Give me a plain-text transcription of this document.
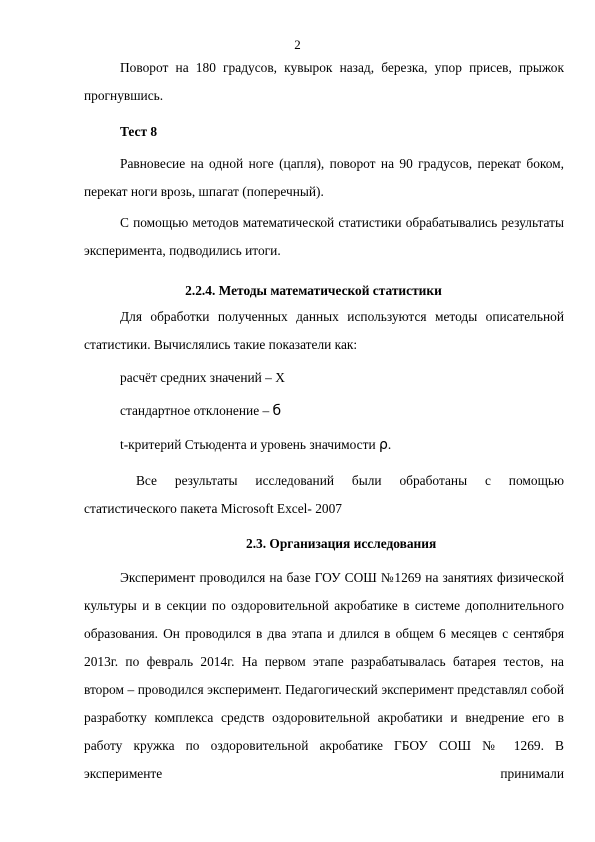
2
Поворот на 180 градусов, кувырок назад, березка, упор присев, прыжок прогнувшись.
Тест 8
Равновесие на одной ноге (цапля), поворот на 90 градусов, перекат боком, перекат ноги врозь, шпагат (поперечный).
С помощью методов математической статистики обрабатывались результаты эксперимента, подводились итоги.
2.2.4. Методы математической статистики
Для обработки полученных данных используются методы описательной статистики. Вычислялись такие показатели как:
расчёт средних значений – X
стандартное отклонение – б
t-критерий Стьюдента и уровень значимости ρ.
Все результаты исследований были обработаны с помощью статистического пакета Microsoft Excel- 2007
2.3. Организация исследования
Эксперимент проводился на базе ГОУ СОШ №1269 на занятиях физической культуры и в секции по оздоровительной акробатике в системе дополнительного образования. Он проводился в два этапа и длился в общем 6 месяцев с сентября 2013г. по февраль 2014г. На первом этапе разрабатывалась батарея тестов, на втором – проводился эксперимент. Педагогический эксперимент представлял собой разработку комплекса средств оздоровительной акробатики и внедрение его в работу кружка по оздоровительной акробатике ГБОУ СОШ № 1269. В эксперименте принимали
